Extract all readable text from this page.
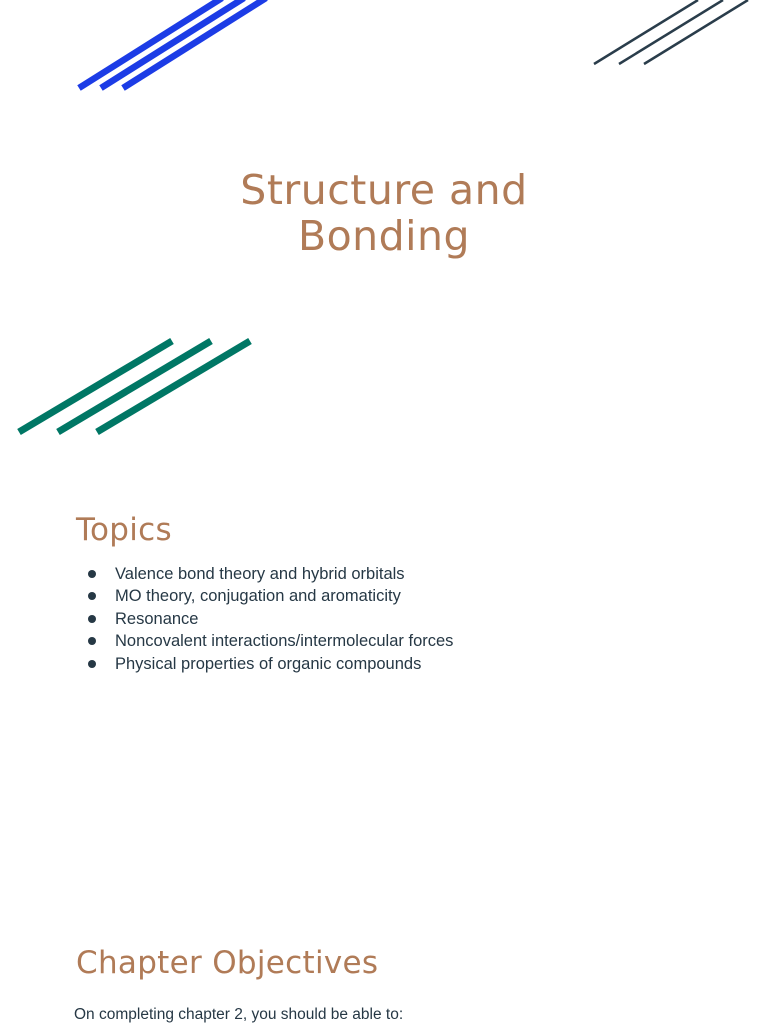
Structure and
Bonding
Topics
Valence bond theory and hybrid orbitals
MO theory, conjugation and aromaticity
Resonance
Noncovalent interactions/intermolecular forces
Physical properties of organic compounds
Chapter Objectives
On completing chapter 2, you should be able to:
